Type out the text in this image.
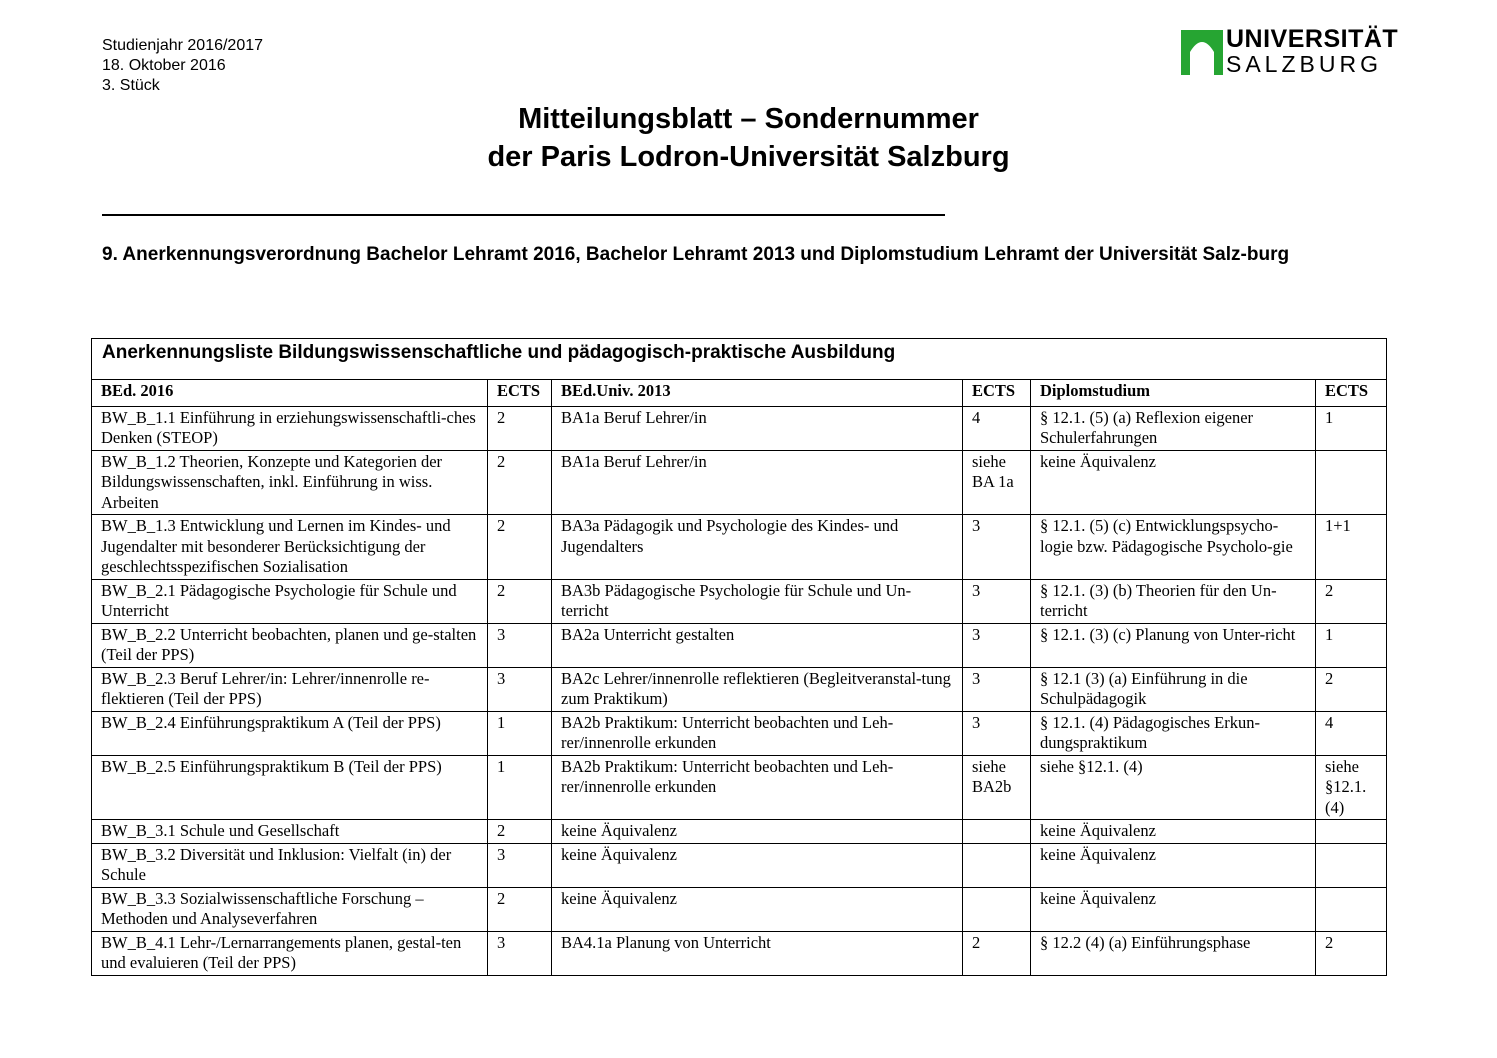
Studienjahr 2016/2017
18. Oktober 2016
3. Stück
UNIVERSITÄT
SALZBURG
Mitteilungsblatt – Sondernummer
der Paris Lodron-Universität Salzburg
9. Anerkennungsverordnung Bachelor Lehramt 2016, Bachelor Lehramt 2013 und Diplomstudium Lehramt der Universität Salz-burg
Anerkennungsliste Bildungswissenschaftliche und pädagogisch-praktische Ausbildung					
BEd. 2016	ECTS	BEd.Univ. 2013	ECTS	Diplomstudium	ECTS
BW_B_1.1 Einführung in erziehungswissenschaftli-ches Denken (STEOP)	2	BA1a Beruf Lehrer/in	4	§ 12.1. (5) (a) Reflexion eigener Schulerfahrungen	1
BW_B_1.2 Theorien, Konzepte und Kategorien der Bildungswissenschaften, inkl. Einführung in wiss. Arbeiten	2	BA1a Beruf Lehrer/in	siehe BA 1a	keine Äquivalenz	
BW_B_1.3 Entwicklung und Lernen im Kindes- und Jugendalter mit besonderer Berücksichtigung der geschlechtsspezifischen Sozialisation	2	BA3a Pädagogik und Psychologie des Kindes- und Jugendalters	3	§ 12.1. (5) (c) Entwicklungspsycho-logie bzw. Pädagogische Psycholo-gie	1+1
BW_B_2.1 Pädagogische Psychologie für Schule und Unterricht	2	BA3b Pädagogische Psychologie für Schule und Un-terricht	3	§ 12.1. (3) (b) Theorien für den Un-terricht	2
BW_B_2.2 Unterricht beobachten, planen und ge-stalten (Teil der PPS)	3	BA2a Unterricht gestalten	3	§ 12.1. (3) (c) Planung von Unter-richt	1
BW_B_2.3 Beruf Lehrer/in: Lehrer/innenrolle re-flektieren (Teil der PPS)	3	BA2c Lehrer/innenrolle reflektieren (Begleitveranstal-tung zum Praktikum)	3	§ 12.1 (3) (a) Einführung in die Schulpädagogik	2
BW_B_2.4 Einführungspraktikum A (Teil der PPS)	1	BA2b Praktikum: Unterricht beobachten und Leh-rer/innenrolle erkunden	3	§ 12.1. (4) Pädagogisches Erkun-dungspraktikum	4
BW_B_2.5 Einführungspraktikum B (Teil der PPS)	1	BA2b Praktikum: Unterricht beobachten und Leh-rer/innenrolle erkunden	siehe BA2b	siehe §12.1. (4)	siehe §12.1. (4)
BW_B_3.1 Schule und Gesellschaft	2	keine Äquivalenz		keine Äquivalenz	
BW_B_3.2 Diversität und Inklusion: Vielfalt (in) der Schule	3	keine Äquivalenz		keine Äquivalenz	
BW_B_3.3 Sozialwissenschaftliche Forschung – Methoden und Analyseverfahren	2	keine Äquivalenz		keine Äquivalenz	
BW_B_4.1 Lehr-/Lernarrangements planen, gestal-ten und evaluieren (Teil der PPS)	3	BA4.1a Planung von Unterricht	2	§ 12.2 (4) (a) Einführungsphase	2
